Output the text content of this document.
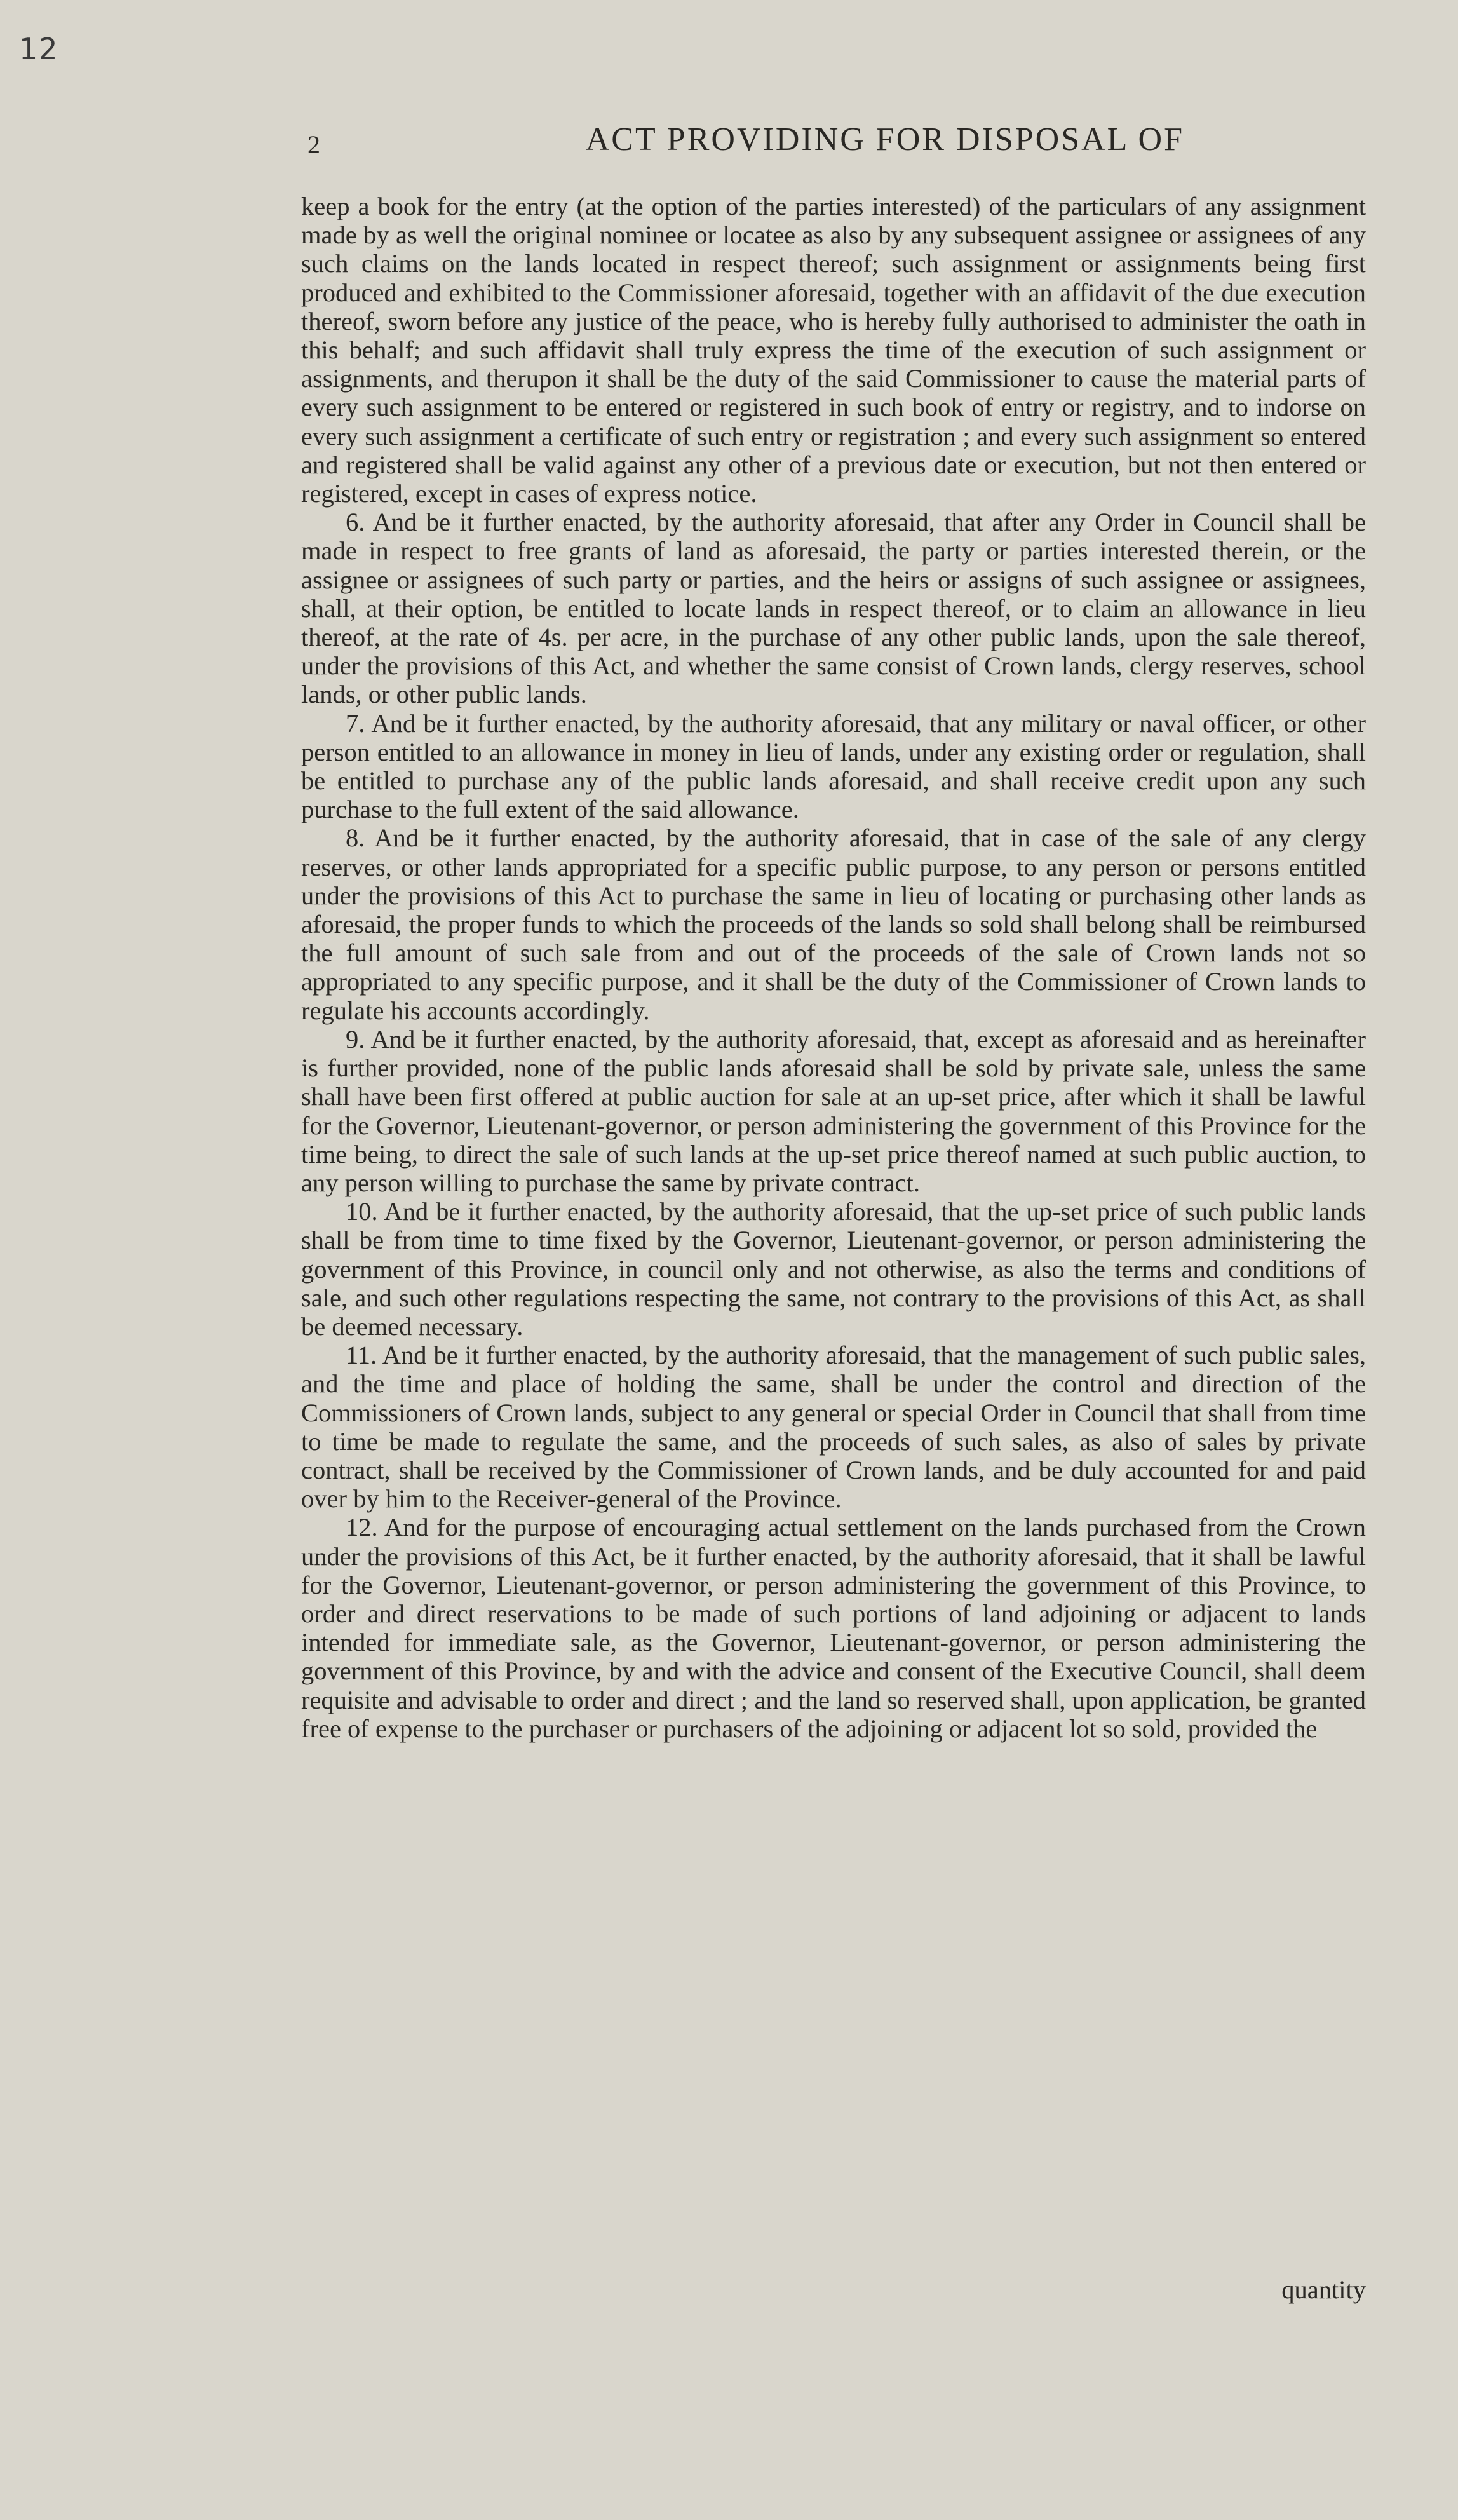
12
2	ACT PROVIDING FOR DISPOSAL OF

keep a book for the entry (at the option of the parties interested) of the particulars of any assignment made by as well the original nominee or locatee as also by any subsequent assignee or assignees of any such claims on the lands located in respect thereof; such assignment or assignments being first produced and exhibited to the Commissioner aforesaid, together with an affidavit of the due execution thereof, sworn before any justice of the peace, who is hereby fully authorised to administer the oath in this behalf; and such affidavit shall truly express the time of the execution of such assignment or assignments, and therupon it shall be the duty of the said Commissioner to cause the material parts of every such assignment to be entered or registered in such book of entry or registry, and to indorse on every such assignment a certificate of such entry or registration ; and every such assignment so entered and registered shall be valid against any other of a previous date or execution, but not then entered or registered, except in cases of express notice.

6. And be it further enacted, by the authority aforesaid, that after any Order in Council shall be made in respect to free grants of land as aforesaid, the party or parties interested therein, or the assignee or assignees of such party or parties, and the heirs or assigns of such assignee or assignees, shall, at their option, be entitled to locate lands in respect thereof, or to claim an allowance in lieu thereof, at the rate of 4s. per acre, in the purchase of any other public lands, upon the sale thereof, under the provisions of this Act, and whether the same consist of Crown lands, clergy reserves, school lands, or other public lands.

7. And be it further enacted, by the authority aforesaid, that any military or naval officer, or other person entitled to an allowance in money in lieu of lands, under any existing order or regulation, shall be entitled to purchase any of the public lands aforesaid, and shall receive credit upon any such purchase to the full extent of the said allowance.

8. And be it further enacted, by the authority aforesaid, that in case of the sale of any clergy reserves, or other lands appropriated for a specific public purpose, to any person or persons entitled under the provisions of this Act to purchase the same in lieu of locating or purchasing other lands as aforesaid, the proper funds to which the proceeds of the lands so sold shall belong shall be reimbursed the full amount of such sale from and out of the proceeds of the sale of Crown lands not so appropriated to any specific purpose, and it shall be the duty of the Commissioner of Crown lands to regulate his accounts accordingly.

9. And be it further enacted, by the authority aforesaid, that, except as aforesaid and as hereinafter is further provided, none of the public lands aforesaid shall be sold by private sale, unless the same shall have been first offered at public auction for sale at an up-set price, after which it shall be lawful for the Governor, Lieutenant-governor, or person administering the government of this Province for the time being, to direct the sale of such lands at the up-set price thereof named at such public auction, to any person willing to purchase the same by private contract.

10. And be it further enacted, by the authority aforesaid, that the up-set price of such public lands shall be from time to time fixed by the Governor, Lieutenant-governor, or person administering the government of this Province, in council only and not otherwise, as also the terms and conditions of sale, and such other regulations respecting the same, not contrary to the provisions of this Act, as shall be deemed necessary.

11. And be it further enacted, by the authority aforesaid, that the management of such public sales, and the time and place of holding the same, shall be under the control and direction of the Commissioners of Crown lands, subject to any general or special Order in Council that shall from time to time be made to regulate the same, and the proceeds of such sales, as also of sales by private contract, shall be received by the Commissioner of Crown lands, and be duly accounted for and paid over by him to the Receiver-general of the Province.

12. And for the purpose of encouraging actual settlement on the lands purchased from the Crown under the provisions of this Act, be it further enacted, by the authority aforesaid, that it shall be lawful for the Governor, Lieutenant-governor, or person administering the government of this Province, to order and direct reservations to be made of such portions of land adjoining or adjacent to lands intended for immediate sale, as the Governor, Lieutenant-governor, or person administering the government of this Province, by and with the advice and consent of the Executive Council, shall deem requisite and advisable to order and direct ; and the land so reserved shall, upon application, be granted free of expense to the purchaser or purchasers of the adjoining or adjacent lot so sold, provided the

quantity
